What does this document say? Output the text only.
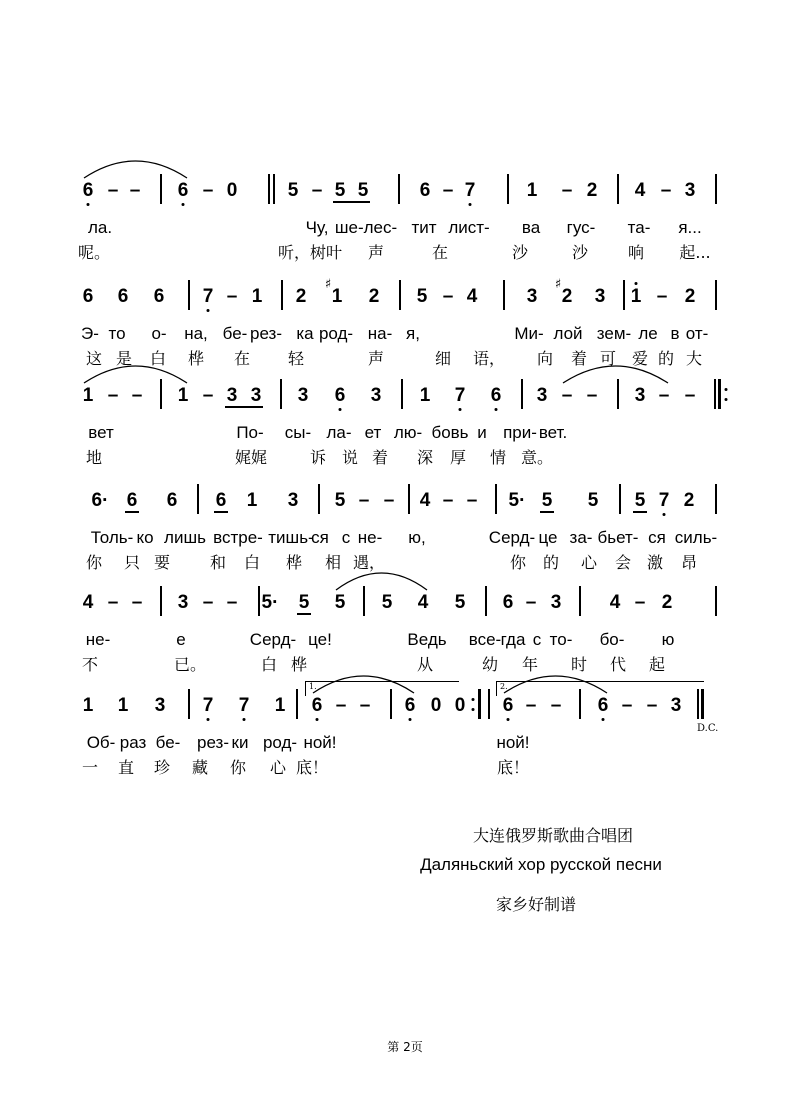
6 – – 6 – 0	5 – 5 5	6 – 7	1 – 2 4 – 3
ла.	Чу, ше-лес- тит лист- ва гус- та- я...
呢。	听，树叶 声	在	沙	沙 响 起...
6 6 6 7 – 1 2 1
♯
2 5 – 4	3 2
♯
3 1 – 2
Э- то о- на, бе- рез- ка род- на- я,	Ми- лой зем- ле в от-
这 是 白 桦 在 轻	声	细 语， 向 着 可 爱 的 大
1 – – 1 – 3 3 3 6 3 1 7 6 3 – – 3 – –
вет	По- сы- ла- ет лю- бовь и при- вет.
地	娓娓	诉 说 着 深 厚 情 意。
6· 6 6 6 1 3 5 – – 4 – – 5· 5 5 5 7 2
Толь- ко лишь встре- тишь-
ся с не- ю,	Серд- це за- бьет- ся силь-
你 只 要 和 白 桦 相 遇，	你 的 心 会 激 昂
4 – – 3 – – 5· 5 5 5 4 5 6 – 3	4 – 2
не-	е	Серд- це!	Ведь все- гда с то- бо- ю
不	已。	白 桦	从	幼 年 时 代 起
1 1 3 7 7 1 6 – – 6 0 0 6 – – 6 – – 3
1.	2.
D.C.
Об- раз бе- рез- ки род- ной!	ной!
一 直 珍 藏 你 心 底！	底！
大连俄罗斯歌曲合唱团
Даляньский хор русской песни
家乡好制谱
第 2页
